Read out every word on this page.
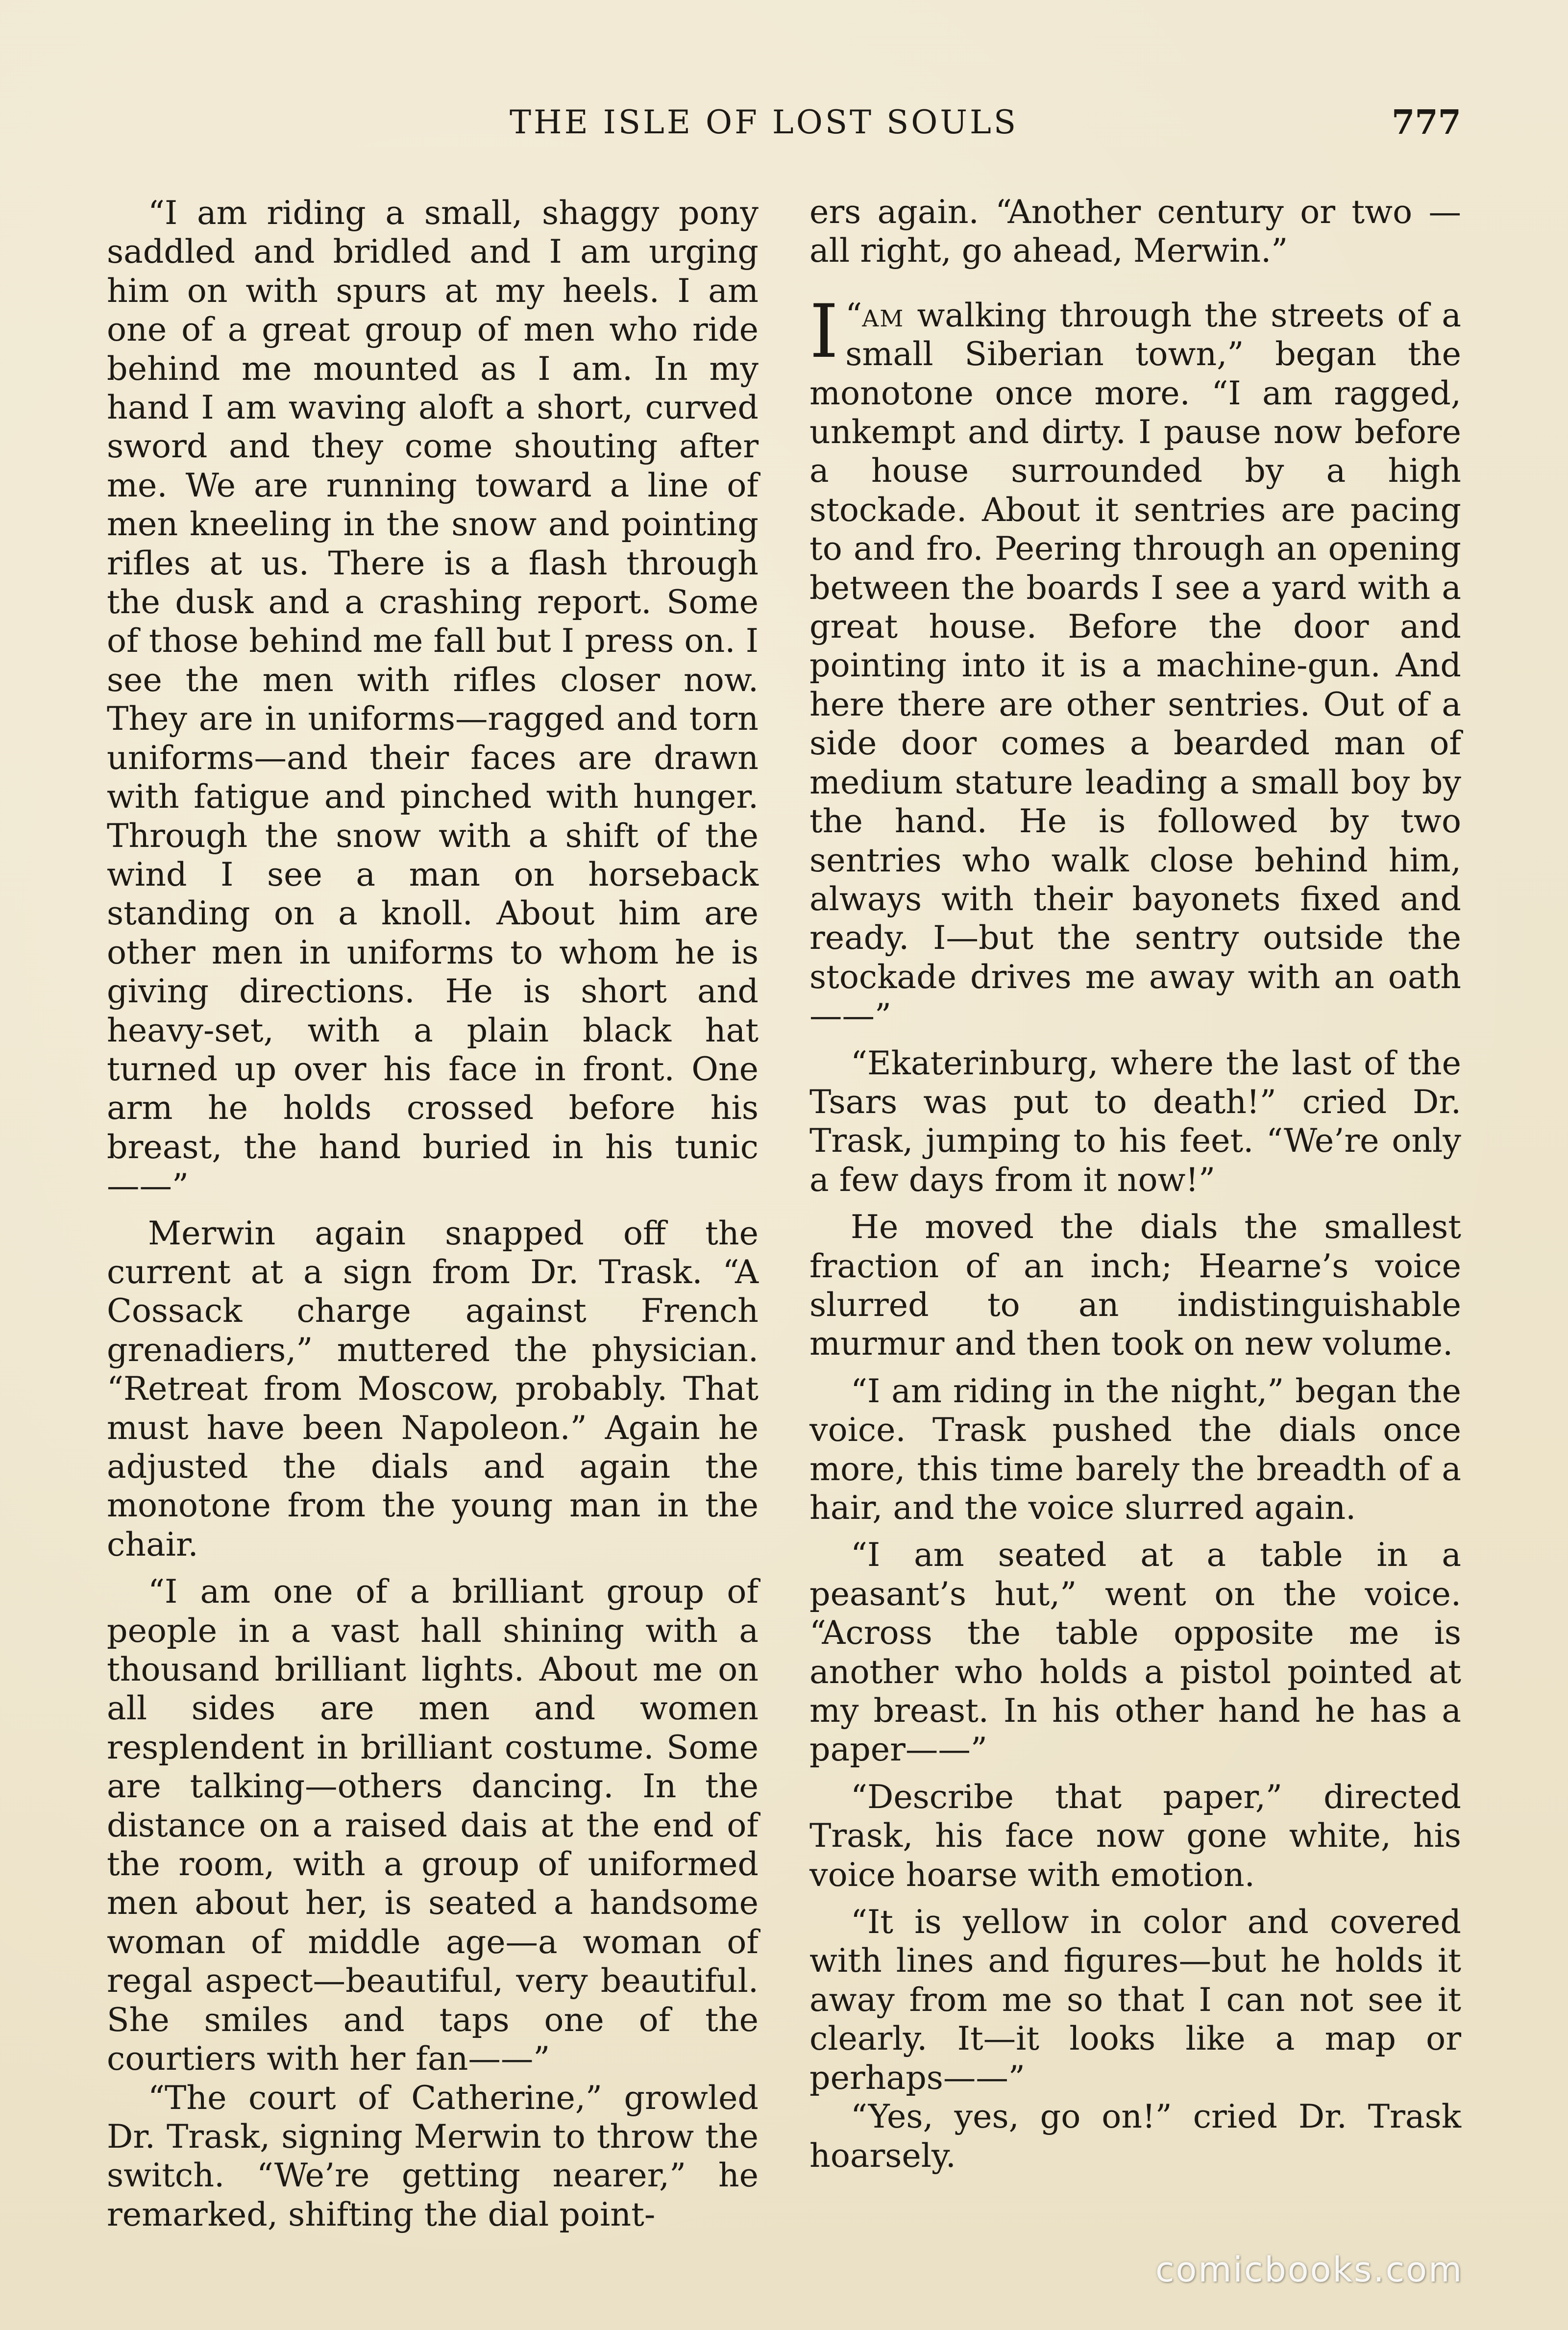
THE ISLE OF LOST SOULS	777

“I am riding a small, shaggy pony saddled and bridled and I am urging him on with spurs at my heels. I am one of a great group of men who ride behind me mounted as I am. In my hand I am waving aloft a short, curved sword and they come shouting after me. We are running toward a line of men kneeling in the snow and pointing rifles at us. There is a flash through the dusk and a crashing report. Some of those behind me fall but I press on. I see the men with rifles closer now. They are in uniforms—ragged and torn uniforms—and their faces are drawn with fatigue and pinched with hunger. Through the snow with a shift of the wind I see a man on horseback standing on a knoll. About him are other men in uniforms to whom he is giving directions. He is short and heavy-set, with a plain black hat turned up over his face in front. One arm he holds crossed before his breast, the hand buried in his tunic——”

Merwin again snapped off the current at a sign from Dr. Trask. “A Cossack charge against French grenadiers,” muttered the physician. “Retreat from Moscow, probably. That must have been Napoleon.” Again he adjusted the dials and again the monotone from the young man in the chair.

“I am one of a brilliant group of people in a vast hall shining with a thousand brilliant lights. About me on all sides are men and women resplendent in brilliant costume. Some are talking—others dancing. In the distance on a raised dais at the end of the room, with a group of uniformed men about her, is seated a handsome woman of middle age—a woman of regal aspect—beautiful, very beautiful. She smiles and taps one of the courtiers with her fan——”

“The court of Catherine,” growled Dr. Trask, signing Merwin to throw the switch. “We’re getting nearer,” he remarked, shifting the dial point-

ers again. “Another century or two —all right, go ahead, Merwin.”

“
I am walking through the streets of a small Siberian town,” began the monotone once more. “I am ragged, unkempt and dirty. I pause now before a house surrounded by a high stockade. About it sentries are pacing to and fro. Peering through an opening between the boards I see a yard with a great house. Before the door and pointing into it is a machine-gun. And here there are other sentries. Out of a side door comes a bearded man of medium stature leading a small boy by the hand. He is followed by two sentries who walk close behind him, always with their bayonets fixed and ready. I—but the sentry outside the stockade drives me away with an oath——”

“Ekaterinburg, where the last of the Tsars was put to death!” cried Dr. Trask, jumping to his feet. “We’re only a few days from it now!”

He moved the dials the smallest fraction of an inch; Hearne’s voice slurred to an indistinguishable murmur and then took on new volume.

“I am riding in the night,” began the voice. Trask pushed the dials once more, this time barely the breadth of a hair, and the voice slurred again.

“I am seated at a table in a peasant’s hut,” went on the voice. “Across the table opposite me is another who holds a pistol pointed at my breast. In his other hand he has a paper——”

“Describe that paper,” directed Trask, his face now gone white, his voice hoarse with emotion.

“It is yellow in color and covered with lines and figures—but he holds it away from me so that I can not see it clearly. It—it looks like a map or perhaps——”

“Yes, yes, go on!” cried Dr. Trask hoarsely.

comicbooks.com
